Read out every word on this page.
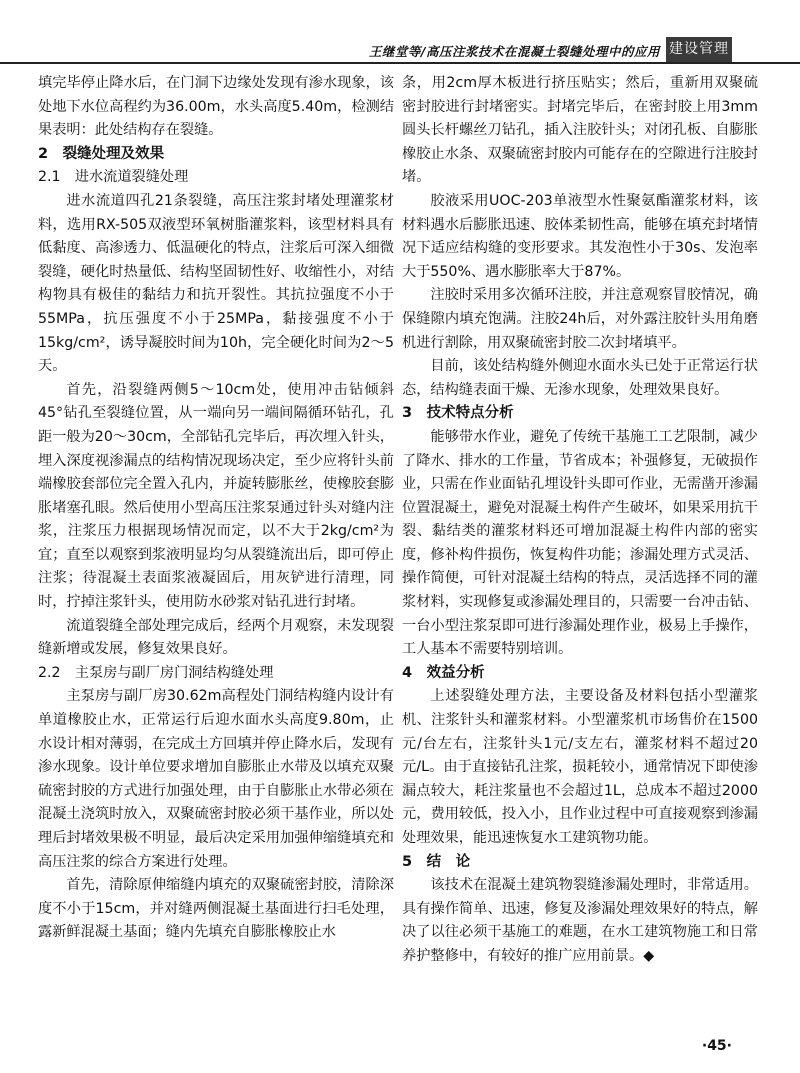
王继堂等/高压注浆技术在混凝土裂缝处理中的应用 建设管理

填完毕停止降水后，在门洞下边缘处发现有渗水现象，该处地下水位高程约为36.00m，水头高度5.40m，检测结果表明：此处结构存在裂缝。

2　裂缝处理及效果

2.1　进水流道裂缝处理

进水流道四孔21条裂缝，高压注浆封堵处理灌浆材料，选用RX-505双液型环氧树脂灌浆料，该型材料具有低黏度、高渗透力、低温硬化的特点，注浆后可深入细微裂缝，硬化时热量低、结构坚固韧性好、收缩性小，对结构物具有极佳的黏结力和抗开裂性。其抗拉强度不小于55MPa，抗压强度不小于25MPa，黏接强度不小于15kg/cm²，诱导凝胶时间为10h，完全硬化时间为2～5天。

首先，沿裂缝两侧5～10cm处，使用冲击钻倾斜45°钻孔至裂缝位置，从一端向另一端间隔循环钻孔，孔距一般为20～30cm，全部钻孔完毕后，再次埋入针头，埋入深度视渗漏点的结构情况现场决定，至少应将针头前端橡胶套部位完全置入孔内，并旋转膨胀丝，使橡胶套膨胀堵塞孔眼。然后使用小型高压注浆泵通过针头对缝内注浆，注浆压力根据现场情况而定，以不大于2kg/cm²为宜；直至以观察到浆液明显均匀从裂缝流出后，即可停止注浆；待混凝土表面浆液凝固后，用灰铲进行清理，同时，拧掉注浆针头，使用防水砂浆对钻孔进行封堵。

流道裂缝全部处理完成后，经两个月观察，未发现裂缝新增或发展，修复效果良好。

2.2　主泵房与副厂房门洞结构缝处理

主泵房与副厂房30.62m高程处门洞结构缝内设计有单道橡胶止水，正常运行后迎水面水头高度9.80m，止水设计相对薄弱，在完成土方回填并停止降水后，发现有渗水现象。设计单位要求增加自膨胀止水带及以填充双聚硫密封胶的方式进行加强处理，由于自膨胀止水带必须在混凝土浇筑时放入，双聚硫密封胶必须干基作业，所以处理后封堵效果极不明显，最后决定采用加强伸缩缝填充和高压注浆的综合方案进行处理。

首先，清除原伸缩缝内填充的双聚硫密封胶，清除深度不小于15cm，并对缝两侧混凝土基面进行扫毛处理，露新鲜混凝土基面；缝内先填充自膨胀橡胶止水

条，用2cm厚木板进行挤压贴实；然后，重新用双聚硫密封胶进行封堵密实。封堵完毕后，在密封胶上用3mm圆头长杆螺丝刀钻孔，插入注胶针头；对闭孔板、自膨胀橡胶止水条、双聚硫密封胶内可能存在的空隙进行注胶封堵。

胶液采用UOC-203单液型水性聚氨酯灌浆材料，该材料遇水后膨胀迅速、胶体柔韧性高，能够在填充封堵情况下适应结构缝的变形要求。其发泡性小于30s、发泡率大于550%、遇水膨胀率大于87%。

注胶时采用多次循环注胶，并注意观察冒胶情况，确保缝隙内填充饱满。注胶24h后，对外露注胶针头用角磨机进行割除，用双聚硫密封胶二次封堵填平。

目前，该处结构缝外侧迎水面水头已处于正常运行状态，结构缝表面干燥、无渗水现象，处理效果良好。

3　技术特点分析

能够带水作业，避免了传统干基施工工艺限制，减少了降水、排水的工作量，节省成本；补强修复，无破损作业，只需在作业面钻孔埋设针头即可作业，无需凿开渗漏位置混凝土，避免对混凝土构件产生破坏，如果采用抗干裂、黏结类的灌浆材料还可增加混凝土构件内部的密实度，修补构件损伤，恢复构件功能；渗漏处理方式灵活、操作简便，可针对混凝土结构的特点，灵活选择不同的灌浆材料，实现修复或渗漏处理目的，只需要一台冲击钻、一台小型注浆泵即可进行渗漏处理作业，极易上手操作，工人基本不需要特别培训。

4　效益分析

上述裂缝处理方法，主要设备及材料包括小型灌浆机、注浆针头和灌浆材料。小型灌浆机市场售价在1500元/台左右，注浆针头1元/支左右，灌浆材料不超过20元/L。由于直接钻孔注浆，损耗较小，通常情况下即使渗漏点较大，耗注浆量也不会超过1L，总成本不超过2000元，费用较低，投入小，且作业过程中可直接观察到渗漏处理效果，能迅速恢复水工建筑物功能。

5　结　论

该技术在混凝土建筑物裂缝渗漏处理时，非常适用。具有操作简单、迅速，修复及渗漏处理效果好的特点，解决了以往必须干基施工的难题，在水工建筑物施工和日常养护整修中，有较好的推广应用前景。◆

·45·
